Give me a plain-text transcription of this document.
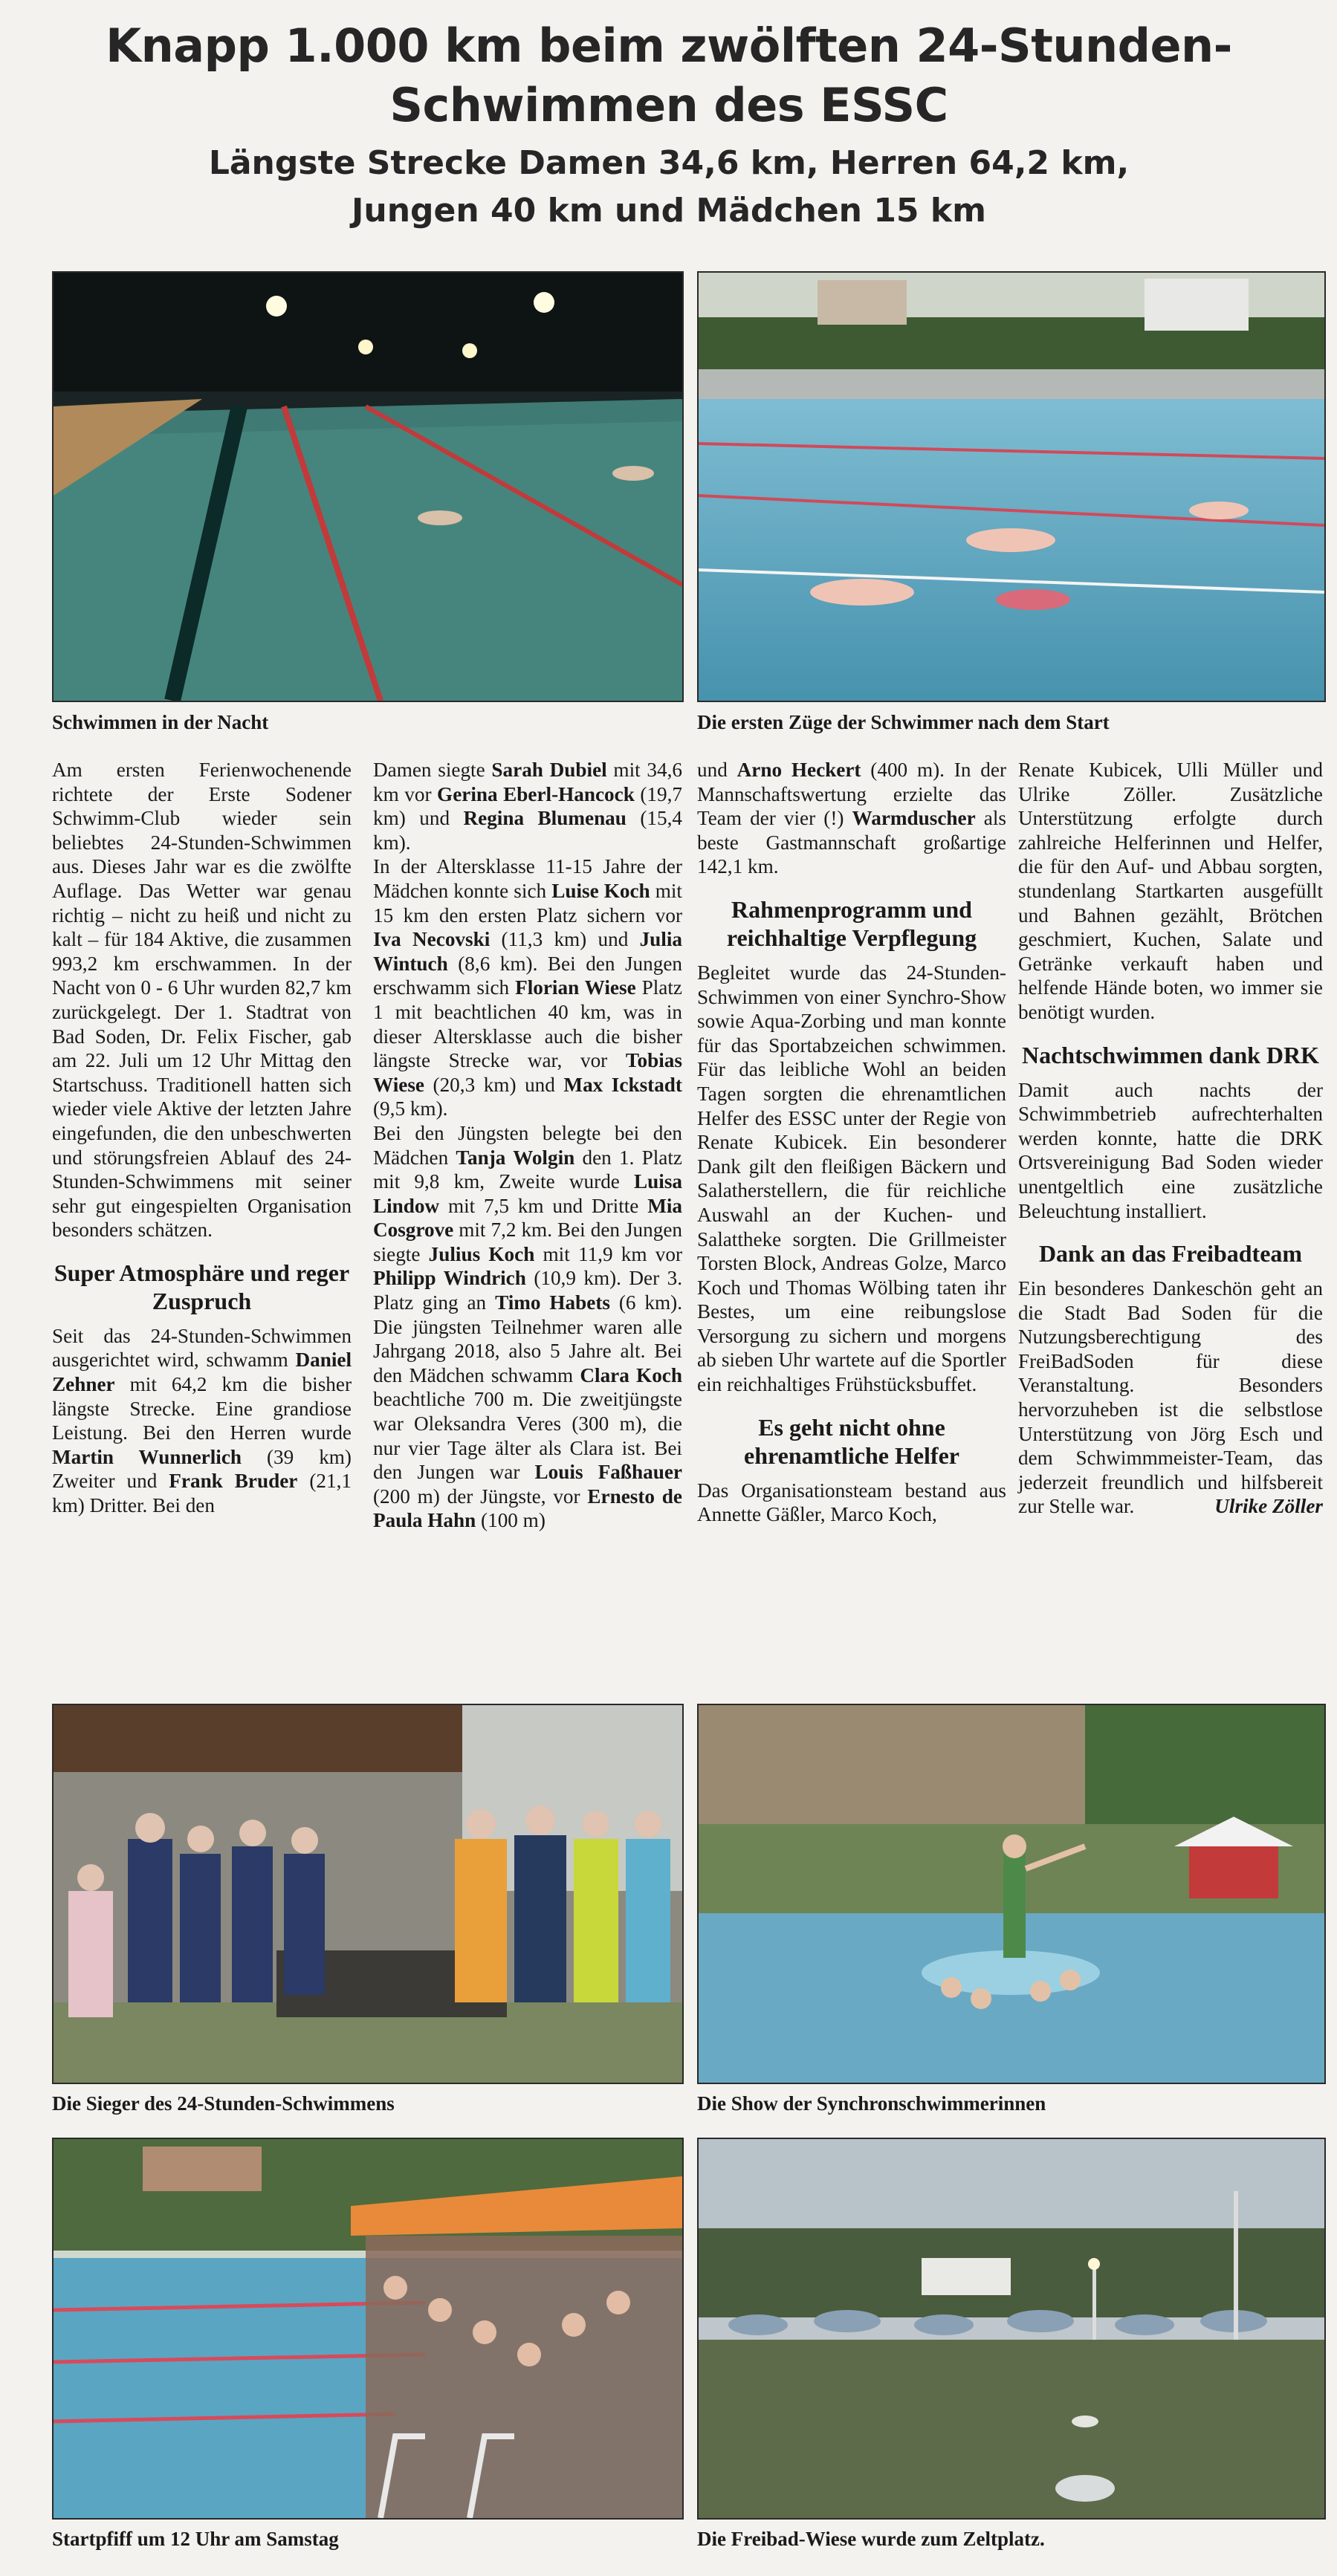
Knapp 1.000 km beim zwölften 24-Stunden-Schwimmen des ESSC
Längste Strecke Damen 34,6 km, Herren 64,2 km,
Jungen 40 km und Mädchen 15 km
Schwimmen in der Nacht	Die ersten Züge der Schwimmer nach dem Start

Am ersten Ferienwochenende richtete der Erste Sodener Schwimm-Club wieder sein beliebtes 24-Stunden-Schwimmen aus. Dieses Jahr war es die zwölfte Auflage. Das Wetter war genau richtig – nicht zu heiß und nicht zu kalt – für 184 Aktive, die zusammen 993,2 km erschwammen. In der Nacht von 0 - 6 Uhr wurden 82,7 km zurückgelegt. Der 1. Stadtrat von Bad Soden, Dr. Felix Fischer, gab am 22. Juli um 12 Uhr Mittag den Startschuss. Traditionell hatten sich wieder viele Aktive der letzten Jahre eingefunden, die den unbeschwerten und störungsfreien Ablauf des 24-Stunden-Schwimmens mit seiner sehr gut eingespielten Organisation besonders schätzen.

Super Atmosphäre und reger Zuspruch

Seit das 24-Stunden-Schwimmen ausgerichtet wird, schwamm Daniel Zehner mit 64,2 km die bisher längste Strecke. Eine grandiose Leistung. Bei den Herren wurde Martin Wunnerlich (39 km) Zweiter und Frank Bruder (21,1 km) Dritter. Bei den

Damen siegte Sarah Dubiel mit 34,6 km vor Gerina Eberl-Hancock (19,7 km) und Regina Blumenau (15,4 km).

In der Altersklasse 11-15 Jahre der Mädchen konnte sich Luise Koch mit 15 km den ersten Platz sichern vor Iva Necovski (11,3 km) und Julia Wintuch (8,6 km). Bei den Jungen erschwamm sich Florian Wiese Platz 1 mit beachtlichen 40 km, was in dieser Altersklasse auch die bisher längste Strecke war, vor Tobias Wiese (20,3 km) und Max Ickstadt (9,5 km).

Bei den Jüngsten belegte bei den Mädchen Tanja Wolgin den 1. Platz mit 9,8 km, Zweite wurde Luisa Lindow mit 7,5 km und Dritte Mia Cosgrove mit 7,2 km. Bei den Jungen siegte Julius Koch mit 11,9 km vor Philipp Windrich (10,9 km). Der 3. Platz ging an Timo Habets (6 km). Die jüngsten Teilnehmer waren alle Jahrgang 2018, also 5 Jahre alt. Bei den Mädchen schwamm Clara Koch beachtliche 700 m. Die zweitjüngste war Oleksandra Veres (300 m), die nur vier Tage älter als Clara ist. Bei den Jungen war Louis Faßhauer (200 m) der Jüngste, vor Ernesto de Paula Hahn (100 m)

und Arno Heckert (400 m). In der Mannschaftswertung erzielte das Team der vier (!) Warmduscher als beste Gastmannschaft großartige 142,1 km.

Rahmenprogramm und reichhaltige Verpflegung

Begleitet wurde das 24-Stunden-Schwimmen von einer Synchro-Show sowie Aqua-Zorbing und man konnte für das Sportabzeichen schwimmen. Für das leibliche Wohl an beiden Tagen sorgten die ehrenamtlichen Helfer des ESSC unter der Regie von Renate Kubicek. Ein besonderer Dank gilt den fleißigen Bäckern und Salatherstellern, die für reichliche Auswahl an der Kuchen- und Salattheke sorgten. Die Grillmeister Torsten Block, Andreas Golze, Marco Koch und Thomas Wölbing taten ihr Bestes, um eine reibungslose Versorgung zu sichern und morgens ab sieben Uhr wartete auf die Sportler ein reichhaltiges Frühstücksbuffet.

Es geht nicht ohne ehrenamtliche Helfer

Das Organisationsteam bestand aus Annette Gäßler, Marco Koch,

Renate Kubicek, Ulli Müller und Ulrike Zöller. Zusätzliche Unterstützung erfolgte durch zahlreiche Helferinnen und Helfer, die für den Auf- und Abbau sorgten, stundenlang Startkarten ausgefüllt und Bahnen gezählt, Brötchen geschmiert, Kuchen, Salate und Getränke verkauft haben und helfende Hände boten, wo immer sie benötigt wurden.

Nachtschwimmen dank DRK

Damit auch nachts der Schwimmbetrieb aufrechterhalten werden konnte, hatte die DRK Ortsvereinigung Bad Soden wieder unentgeltlich eine zusätzliche Beleuchtung installiert.

Dank an das Freibadteam

Ein besonderes Dankeschön geht an die Stadt Bad Soden für die Nutzungsberechtigung des FreiBadSoden für diese Veranstaltung. Besonders hervorzuheben ist die selbstlose Unterstützung von Jörg Esch und dem Schwimmmeister-Team, das jederzeit freundlich und hilfsbereit zur Stelle war.	Ulrike Zöller

Die Sieger des 24-Stunden-Schwimmens	Die Show der Synchronschwimmerinnen
Startpfiff um 12 Uhr am Samstag	Die Freibad-Wiese wurde zum Zeltplatz.
